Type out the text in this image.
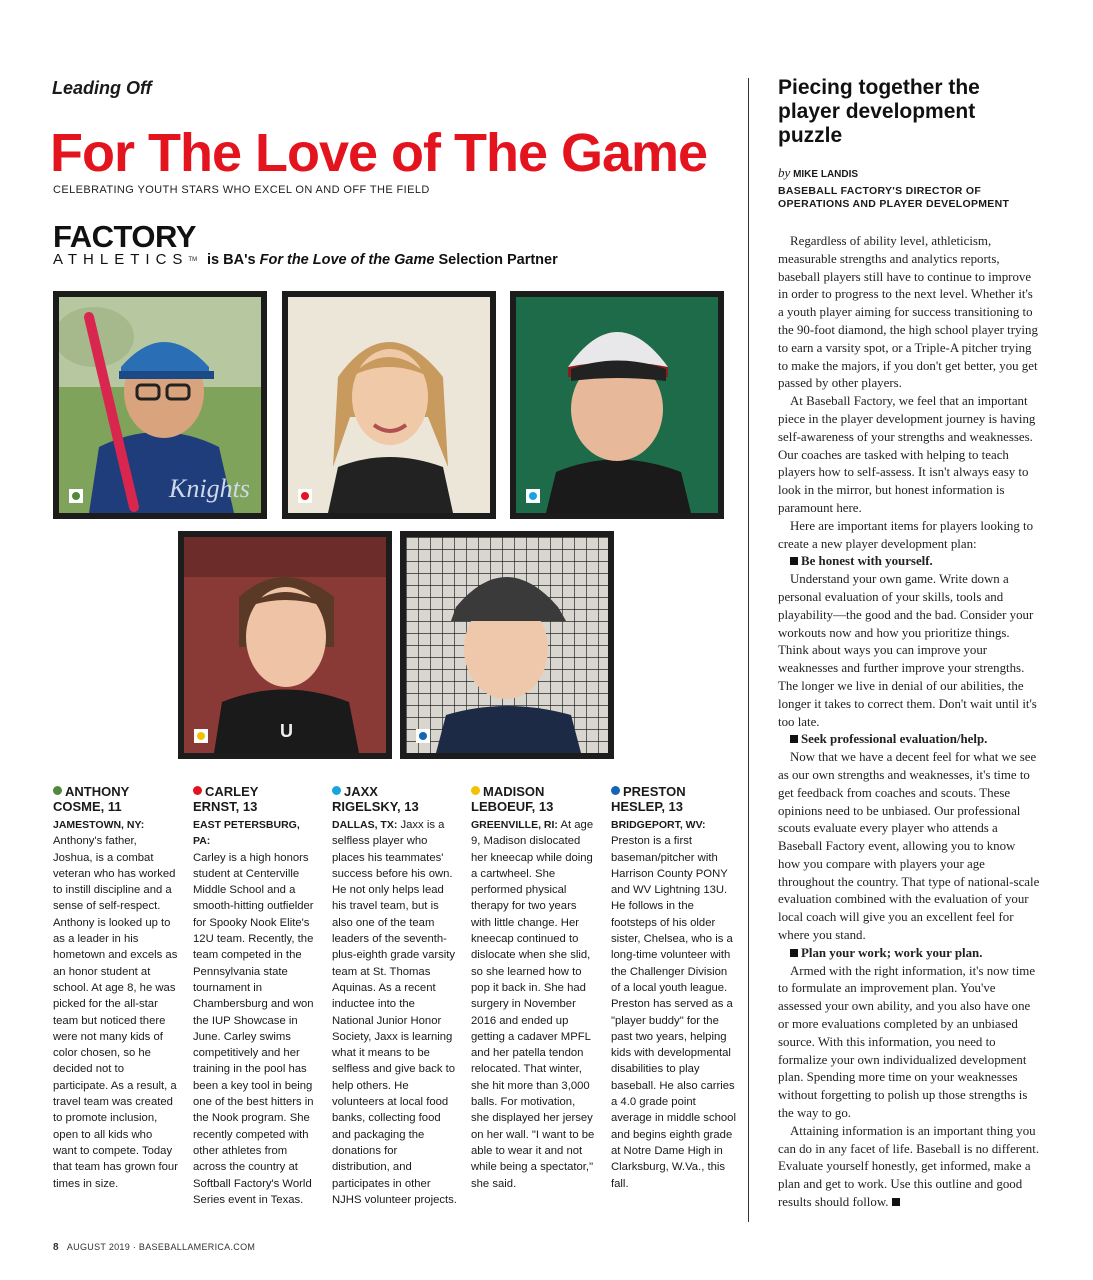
Leading Off
For The Love of The Game
CELEBRATING YOUTH STARS WHO EXCEL ON AND OFF THE FIELD
FACTORY
ATHLETICSTM is BA's For the Love of the Game Selection Partner
Knights
U
ANTHONY
COSME, 11
JAMESTOWN, NY:
Anthony's father, Joshua, is a combat veteran who has worked to instill discipline and a sense of self-respect. Anthony is looked up to as a leader in his hometown and excels as an honor student at school. At age 8, he was picked for the all-star team but noticed there were not many kids of color chosen, so he decided not to participate. As a result, a travel team was created to promote inclusion, open to all kids who want to compete. Today that team has grown four times in size.
CARLEY
ERNST, 13
EAST PETERSBURG, PA:
Carley is a high honors student at Centerville Middle School and a smooth-hitting outfielder for Spooky Nook Elite's 12U team. Recently, the team competed in the Pennsylvania state tournament in Chambersburg and won the IUP Showcase in June. Carley swims competitively and her training in the pool has been a key tool in being one of the best hitters in the Nook program. She recently competed with other athletes from across the country at Softball Factory's World Series event in Texas.
JAXX
RIGELSKY, 13
DALLAS, TX: Jaxx is a selfless player who places his teammates' success before his own. He not only helps lead his travel team, but is also one of the team leaders of the seventh-plus-eighth grade varsity team at St. Thomas Aquinas. As a recent inductee into the National Junior Honor Society, Jaxx is learning what it means to be selfless and give back to help others. He volunteers at local food banks, collecting food and packaging the donations for distribution, and participates in other NJHS volunteer projects.
MADISON
LEBOEUF, 13
GREENVILLE, RI: At age 9, Madison dislocated her kneecap while doing a cartwheel. She performed physical therapy for two years with little change. Her kneecap continued to dislocate when she slid, so she learned how to pop it back in. She had surgery in November 2016 and ended up getting a cadaver MPFL and her patella tendon relocated. That winter, she hit more than 3,000 balls. For motivation, she displayed her jersey on her wall. "I want to be able to wear it and not while being a spectator," she said.
PRESTON
HESLEP, 13
BRIDGEPORT, WV:
Preston is a first baseman/pitcher with Harrison County PONY and WV Lightning 13U. He follows in the footsteps of his older sister, Chelsea, who is a long-time volunteer with the Challenger Division of a local youth league. Preston has served as a "player buddy" for the past two years, helping kids with developmental disabilities to play baseball. He also carries a 4.0 grade point average in middle school and begins eighth grade at Notre Dame High in Clarksburg, W.Va., this fall.
Piecing together the player development puzzle
by MIKE LANDIS
BASEBALL FACTORY'S DIRECTOR OF OPERATIONS AND PLAYER DEVELOPMENT

Regardless of ability level, athleticism, measurable strengths and analytics reports, baseball players still have to continue to improve in order to progress to the next level. Whether it's a youth player aiming for success transitioning to the 90-foot diamond, the high school player trying to earn a varsity spot, or a Triple-A pitcher trying to make the majors, if you don't get better, you get passed by other players.

At Baseball Factory, we feel that an important piece in the player development journey is having self-awareness of your strengths and weaknesses. Our coaches are tasked with helping to teach players how to self-assess. It isn't always easy to look in the mirror, but honest information is paramount here.

Here are important items for players looking to create a new player development plan:

Be honest with yourself.

Understand your own game. Write down a personal evaluation of your skills, tools and playability—the good and the bad. Consider your workouts now and how you prioritize things. Think about ways you can improve your weaknesses and further improve your strengths. The longer we live in denial of our abilities, the longer it takes to correct them. Don't wait until it's too late.

Seek professional evaluation/help.

Now that we have a decent feel for what we see as our own strengths and weaknesses, it's time to get feedback from coaches and scouts. These opinions need to be unbiased. Our professional scouts evaluate every player who attends a Baseball Factory event, allowing you to know how you compare with players your age throughout the country. That type of national-scale evaluation combined with the evaluation of your local coach will give you an excellent feel for where you stand.

Plan your work; work your plan.

Armed with the right information, it's now time to formulate an improvement plan. You've assessed your own ability, and you also have one or more evaluations completed by an unbiased source. With this information, you need to formalize your own individualized development plan. Spending more time on your weaknesses without forgetting to polish up those strengths is the way to go.

Attaining information is an important thing you can do in any facet of life. Baseball is no different. Evaluate yourself honestly, get informed, make a plan and get to work. Use this outline and good results should follow.

8 AUGUST 2019 · BASEBALLAMERICA.COM
